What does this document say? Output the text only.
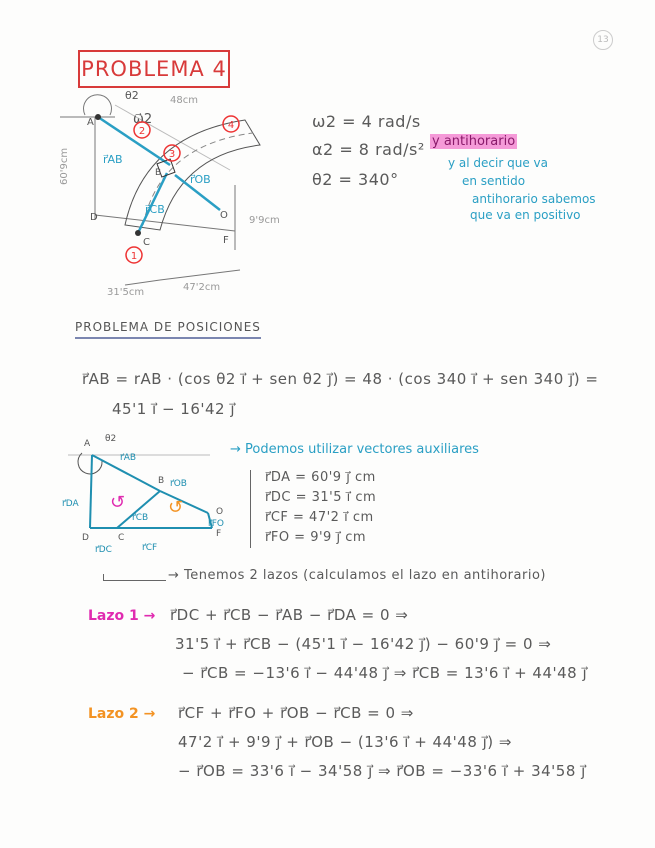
13
PROBLEMA 4
θ2
ω⃗2
A
B
C
D	O
F
r⃗AB
r⃗CB
r⃗OB
1
2
3
4
48cm
60'9cm
9'9cm
31'5cm	47'2cm
ω2 = 4 rad/s
α2 = 8 rad/s²
θ2 = 340°
y antihorario
y al decir que va
en sentido
antihorario sabemos
que va en positivo
PROBLEMA DE POSICIONES
r⃗AB = rAB · (cos θ2 i⃗ + sen θ2 j⃗) = 48 · (cos 340 i⃗ + sen 340 j⃗) =
45'1 i⃗ − 16'42 j⃗
↺ ↺
A
B
C
D
O
F
θ2
r⃗AB
r⃗OB
r⃗CB
r⃗DA
r⃗FO
r⃗DC	r⃗CF
→ Podemos utilizar vectores auxiliares
r⃗DA = 60'9 j⃗ cm
r⃗DC = 31'5 i⃗ cm
r⃗CF = 47'2 i⃗ cm
r⃗FO = 9'9 j⃗ cm
→ Tenemos 2 lazos (calculamos el lazo en antihorario)
Lazo 1 → r⃗DC + r⃗CB − r⃗AB − r⃗DA = 0 ⇒
31'5 i⃗ + r⃗CB − (45'1 i⃗ − 16'42 j⃗) − 60'9 j⃗ = 0 ⇒
− r⃗CB = −13'6 i⃗ − 44'48 j⃗ ⇒ r⃗CB = 13'6 i⃗ + 44'48 j⃗
Lazo 2 → r⃗CF + r⃗FO + r⃗OB − r⃗CB = 0 ⇒
47'2 i⃗ + 9'9 j⃗ + r⃗OB − (13'6 i⃗ + 44'48 j⃗) ⇒
− r⃗OB = 33'6 i⃗ − 34'58 j⃗ ⇒ r⃗OB = −33'6 i⃗ + 34'58 j⃗
